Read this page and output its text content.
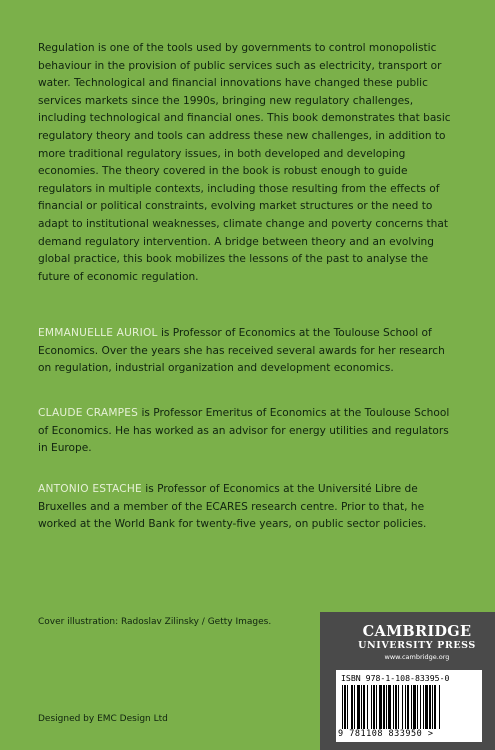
Regulation is one of the tools used by governments to control monopolistic behaviour in the provision of public services such as electricity, transport or water. Technological and financial innovations have changed these public services markets since the 1990s, bringing new regulatory challenges, including technological and financial ones. This book demonstrates that basic regulatory theory and tools can address these new challenges, in addition to more traditional regulatory issues, in both developed and developing economies. The theory covered in the book is robust enough to guide regulators in multiple contexts, including those resulting from the effects of financial or political constraints, evolving market structures or the need to adapt to institutional weaknesses, climate change and poverty concerns that demand regulatory intervention. A bridge between theory and an evolving global practice, this book mobilizes the lessons of the past to analyse the future of economic regulation.

EMMANUELLE AURIOL is Professor of Economics at the Toulouse School of Economics. Over the years she has received several awards for her research on regulation, industrial organization and development economics.

CLAUDE CRAMPES is Professor Emeritus of Economics at the Toulouse School of Economics. He has worked as an advisor for energy utilities and regulators in Europe.

ANTONIO ESTACHE is Professor of Economics at the Université Libre de Bruxelles and a member of the ECARES research centre. Prior to that, he worked at the World Bank for twenty-five years, on public sector policies.

Cover illustration: Radoslav Zilinsky / Getty Images.

Designed by EMC Design Ltd

CAMBRIDGE
UNIVERSITY PRESS
www.cambridge.org
ISBN 978-1-108-83395-0
9 781108 833950 >
